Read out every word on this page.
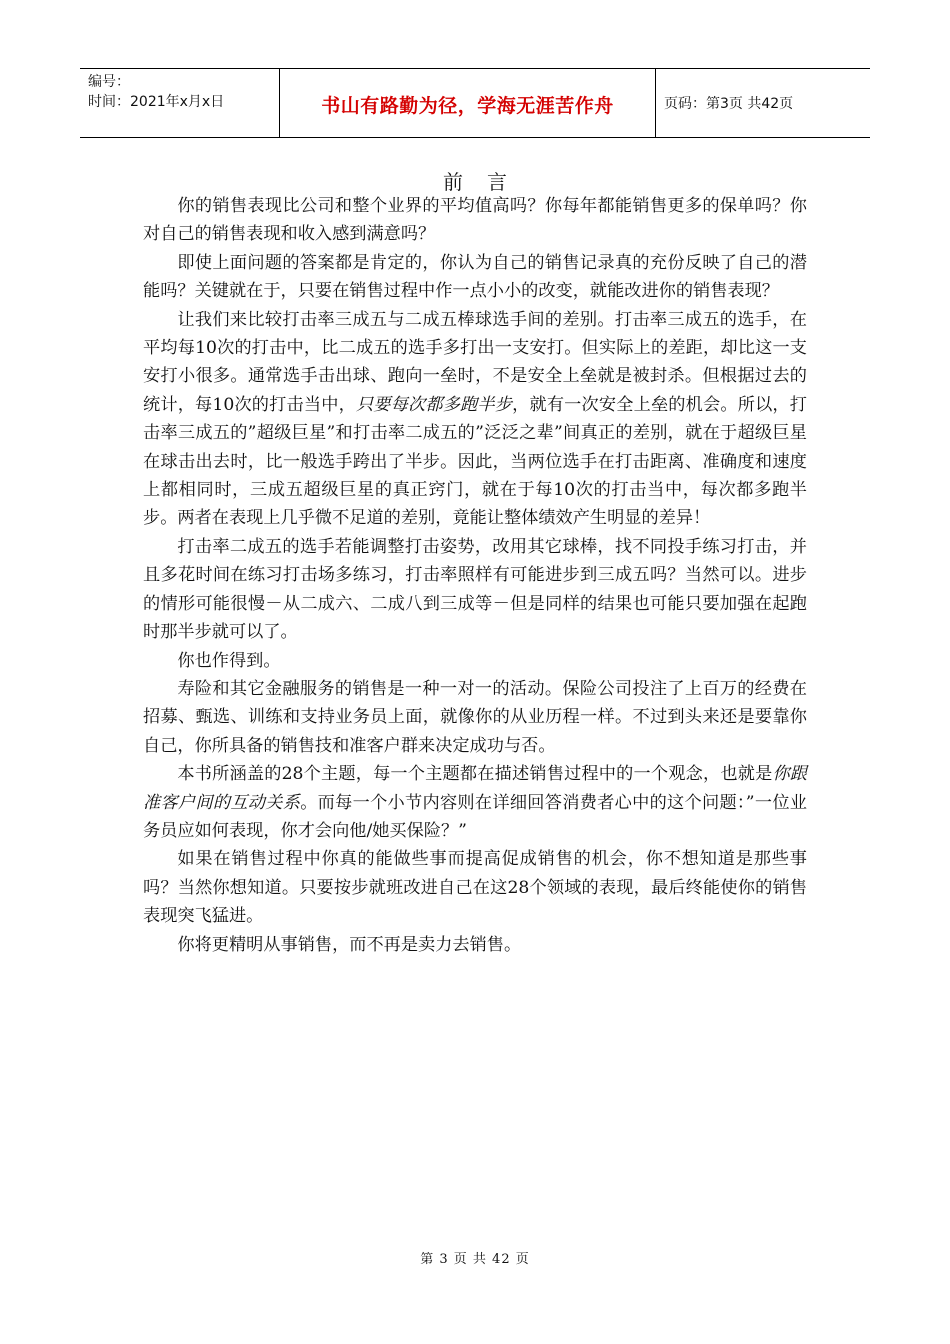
编号：
时间：2021年x月x日	书山有路勤为径，学海无涯苦作舟	页码：第3页 共42页
前言

你的销售表现比公司和整个业界的平均值高吗？你每年都能销售更多的保单吗？你对自己的销售表现和收入感到满意吗？

即使上面问题的答案都是肯定的，你认为自己的销售记录真的充份反映了自己的潜能吗？关键就在于，只要在销售过程中作一点小小的改变，就能改进你的销售表现？

让我们来比较打击率三成五与二成五棒球选手间的差别。打击率三成五的选手，在平均每10次的打击中，比二成五的选手多打出一支安打。但实际上的差距，却比这一支安打小很多。通常选手击出球、跑向一垒时，不是安全上垒就是被封杀。但根据过去的统计，每10次的打击当中，只要每次都多跑半步，就有一次安全上垒的机会。所以，打击率三成五的”超级巨星”和打击率二成五的”泛泛之辈”间真正的差别，就在于超级巨星在球击出去时，比一般选手跨出了半步。因此，当两位选手在打击距离、准确度和速度上都相同时，三成五超级巨星的真正窍门，就在于每10次的打击当中，每次都多跑半步。两者在表现上几乎微不足道的差别，竟能让整体绩效产生明显的差异！

打击率二成五的选手若能调整打击姿势，改用其它球棒，找不同投手练习打击，并且多花时间在练习打击场多练习，打击率照样有可能进步到三成五吗？当然可以。进步的情形可能很慢－从二成六、二成八到三成等－但是同样的结果也可能只要加强在起跑时那半步就可以了。

你也作得到。

寿险和其它金融服务的销售是一种一对一的活动。保险公司投注了上百万的经费在招募、甄选、训练和支持业务员上面，就像你的从业历程一样。不过到头来还是要靠你自己，你所具备的销售技和准客户群来决定成功与否。

本书所涵盖的28个主题，每一个主题都在描述销售过程中的一个观念，也就是你跟准客户间的互动关系。而每一个小节内容则在详细回答消费者心中的这个问题：”一位业务员应如何表现，你才会向他/她买保险？”

如果在销售过程中你真的能做些事而提高促成销售的机会，你不想知道是那些事吗？当然你想知道。只要按步就班改进自己在这28个领域的表现，最后终能使你的销售表现突飞猛进。

你将更精明从事销售，而不再是卖力去销售。

第 3 页 共 42 页
